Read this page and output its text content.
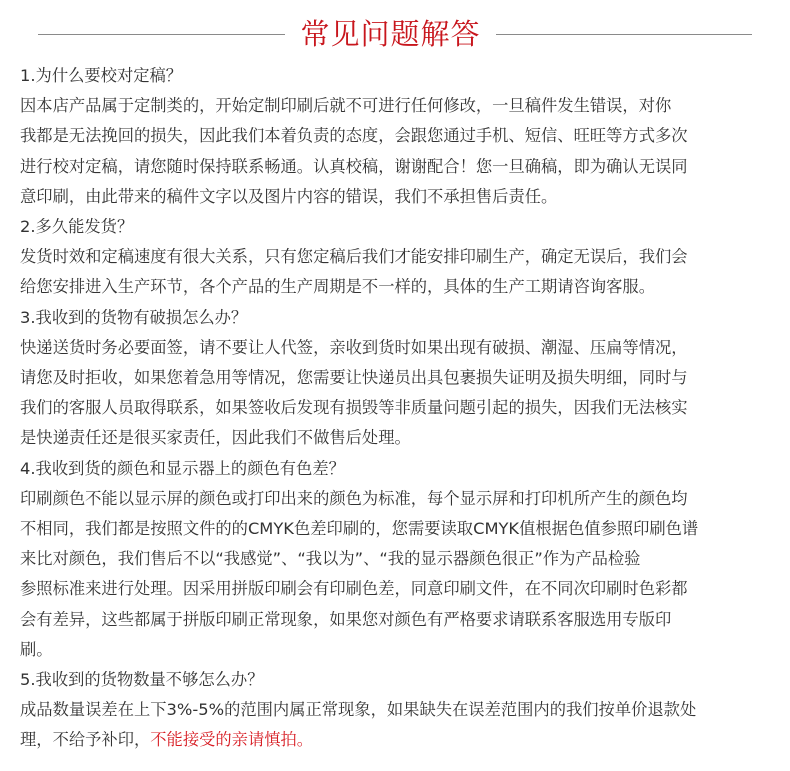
常见问题解答

1.为什么要校对定稿？

因本店产品属于定制类的，开始定制印刷后就不可进行任何修改，一旦稿件发生错误，对你

我都是无法挽回的损失，因此我们本着负责的态度，会跟您通过手机、短信、旺旺等方式多次

进行校对定稿，请您随时保持联系畅通。认真校稿，谢谢配合！您一旦确稿，即为确认无误同

意印刷，由此带来的稿件文字以及图片内容的错误，我们不承担售后责任。

2.多久能发货？

发货时效和定稿速度有很大关系，只有您定稿后我们才能安排印刷生产，确定无误后，我们会

给您安排进入生产环节，各个产品的生产周期是不一样的，具体的生产工期请咨询客服。

3.我收到的货物有破损怎么办？

快递送货时务必要面签，请不要让人代签，亲收到货时如果出现有破损、潮湿、压扁等情况，

请您及时拒收，如果您着急用等情况，您需要让快递员出具包裹损失证明及损失明细，同时与

我们的客服人员取得联系，如果签收后发现有损毁等非质量问题引起的损失，因我们无法核实

是快递责任还是很买家责任，因此我们不做售后处理。

4.我收到货的颜色和显示器上的颜色有色差？

印刷颜色不能以显示屏的颜色或打印出来的颜色为标准，每个显示屏和打印机所产生的颜色均

不相同，我们都是按照文件的的CMYK色差印刷的，您需要读取CMYK值根据色值参照印刷色谱

来比对颜色，我们售后不以“我感觉”、“我以为”、“我的显示器颜色很正”作为产品检验

参照标准来进行处理。因采用拼版印刷会有印刷色差，同意印刷文件，在不同次印刷时色彩都

会有差异，这些都属于拼版印刷正常现象，如果您对颜色有严格要求请联系客服选用专版印

刷。

5.我收到的货物数量不够怎么办？

成品数量误差在上下3%-5%的范围内属正常现象，如果缺失在误差范围内的我们按单价退款处

理，不给予补印，不能接受的亲请慎拍。
